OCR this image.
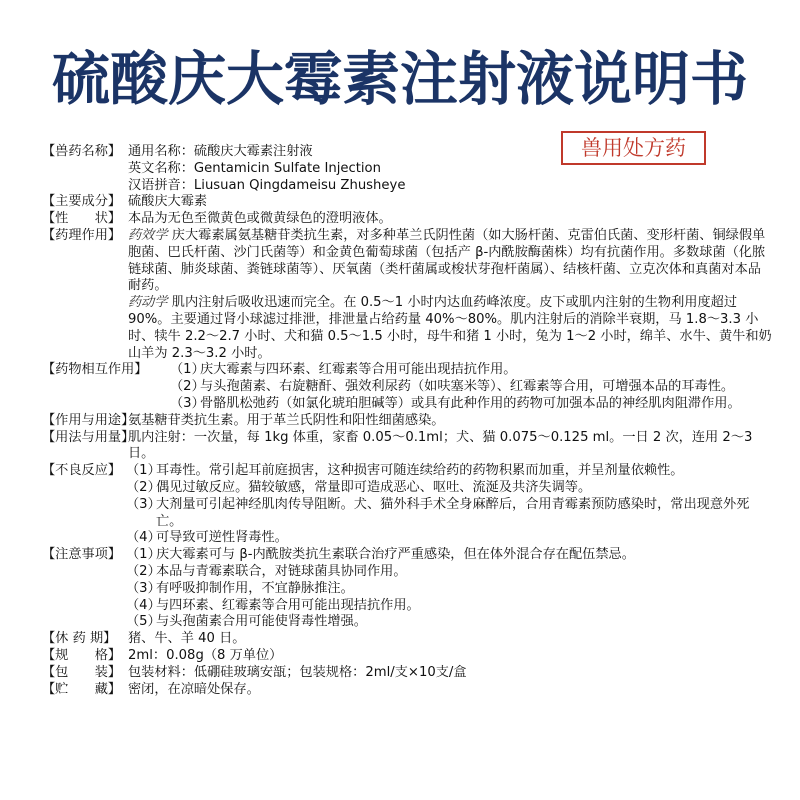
硫酸庆大霉素注射液说明书
兽用处方药
【兽药名称】 通用名称：硫酸庆大霉素注射液
英文名称：Gentamicin Sulfate Injection
汉语拼音：Liusuan Qingdameisu Zhusheye
【主要成分】 硫酸庆大霉素
【性　　状】 本品为无色至微黄色或微黄绿色的澄明液体。
【药理作用】 药效学 庆大霉素属氨基糖苷类抗生素，对多种革兰氏阴性菌（如大肠杆菌、克雷伯氏菌、变形杆菌、铜绿假单胞菌、巴氏杆菌、沙门氏菌等）和金黄色葡萄球菌（包括产 β-内酰胺酶菌株）均有抗菌作用。多数球菌（化脓链球菌、肺炎球菌、粪链球菌等）、厌氧菌（类杆菌属或梭状芽孢杆菌属）、结核杆菌、立克次体和真菌对本品耐药。
药动学 肌内注射后吸收迅速而完全。在 0.5～1 小时内达血药峰浓度。皮下或肌内注射的生物利用度超过 90%。主要通过肾小球滤过排泄，排泄量占给药量 40%～80%。肌内注射后的消除半衰期，马 1.8～3.3 小时、犊牛 2.2～2.7 小时、犬和猫 0.5～1.5 小时，母牛和猪 1 小时，兔为 1～2 小时，绵羊、水牛、黄牛和奶山羊为 2.3～3.2 小时。
【药物相互作用】	（1）
庆大霉素与四环素、红霉素等合用可能出现拮抗作用。
（2）
与头孢菌素、右旋糖酐、强效利尿药（如呋塞米等）、红霉素等合用，可增强本品的耳毒性。
（3）
骨骼肌松弛药（如氯化琥珀胆碱等）或具有此种作用的药物可加强本品的神经肌肉阻滞作用。
【作用与用途】
氨基糖苷类抗生素。用于革兰氏阴性和阳性细菌感染。
【用法与用量】
肌内注射：一次量，每 1kg 体重，家畜 0.05～0.1ml；犬、猫 0.075～0.125 ml。一日 2 次，连用 2～3 日。
【不良反应】 （1）
耳毒性。常引起耳前庭损害，这种损害可随连续给药的药物积累而加重，并呈剂量依赖性。
（2）
偶见过敏反应。猫较敏感，常量即可造成恶心、呕吐、流涎及共济失调等。
（3）
大剂量可引起神经肌肉传导阻断。犬、猫外科手术全身麻醉后，合用青霉素预防感染时，常出现意外死亡。
（4）
可导致可逆性肾毒性。
【注意事项】 （1）
庆大霉素可与 β-内酰胺类抗生素联合治疗严重感染，但在体外混合存在配伍禁忌。
（2）
本品与青霉素联合，对链球菌具协同作用。
（3）
有呼吸抑制作用，不宜静脉推注。
（4）
与四环素、红霉素等合用可能出现拮抗作用。
（5）
与头孢菌素合用可能使肾毒性增强。
【休 药 期】 猪、牛、羊 40 日。
【规　　格】 2ml：0.08g（8 万单位）
【包　　装】 包装材料：低硼硅玻璃安瓿；包装规格：2ml/支×10支/盒
【贮　　藏】 密闭，在凉暗处保存。
